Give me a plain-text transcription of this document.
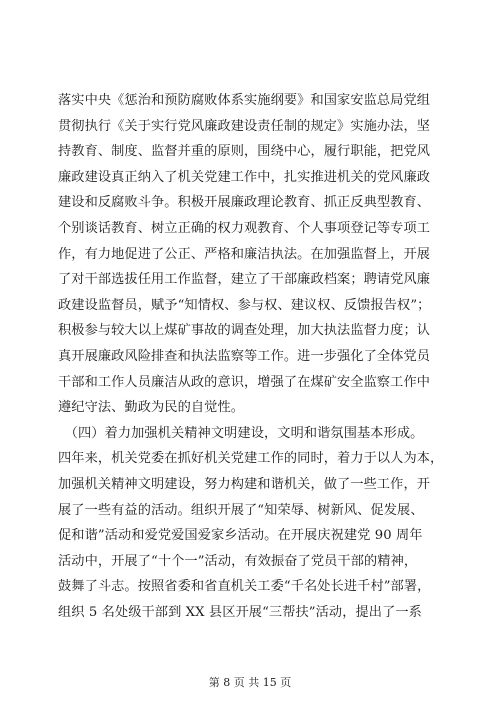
落实中央《惩治和预防腐败体系实施纲要》和国家安监总局党组
贯彻执行《关于实行党风廉政建设责任制的规定》实施办法，坚
持教育、制度、监督并重的原则，围绕中心，履行职能，把党风
廉政建设真正纳入了机关党建工作中，扎实推进机关的党风廉政
建设和反腐败斗争。积极开展廉政理论教育、抓正反典型教育、
个别谈话教育、树立正确的权力观教育、个人事项登记等专项工
作，有力地促进了公正、严格和廉洁执法。在加强监督上，开展
了对干部选拔任用工作监督，建立了干部廉政档案；聘请党风廉
政建设监督员，赋予“知情权、参与权、建议权、反馈报告权”；
积极参与较大以上煤矿事故的调查处理，加大执法监督力度；认
真开展廉政风险排查和执法监察等工作。进一步强化了全体党员
干部和工作人员廉洁从政的意识，增强了在煤矿安全监察工作中
遵纪守法、勤政为民的自觉性。
　（四）着力加强机关精神文明建设，文明和谐氛围基本形成。
四年来，机关党委在抓好机关党建工作的同时，着力于以人为本，
加强机关精神文明建设，努力构建和谐机关，做了一些工作，开
展了一些有益的活动。组织开展了“知荣辱、树新风、促发展、
促和谐”活动和爱党爱国爱家乡活动。在开展庆祝建党 90 周年
活动中，开展了“十个一”活动，有效振奋了党员干部的精神，
鼓舞了斗志。按照省委和省直机关工委“千名处长进千村”部署，
组织 5 名处级干部到 XX 县区开展“三帮扶”活动，提出了一系
第 8 页 共 15 页
